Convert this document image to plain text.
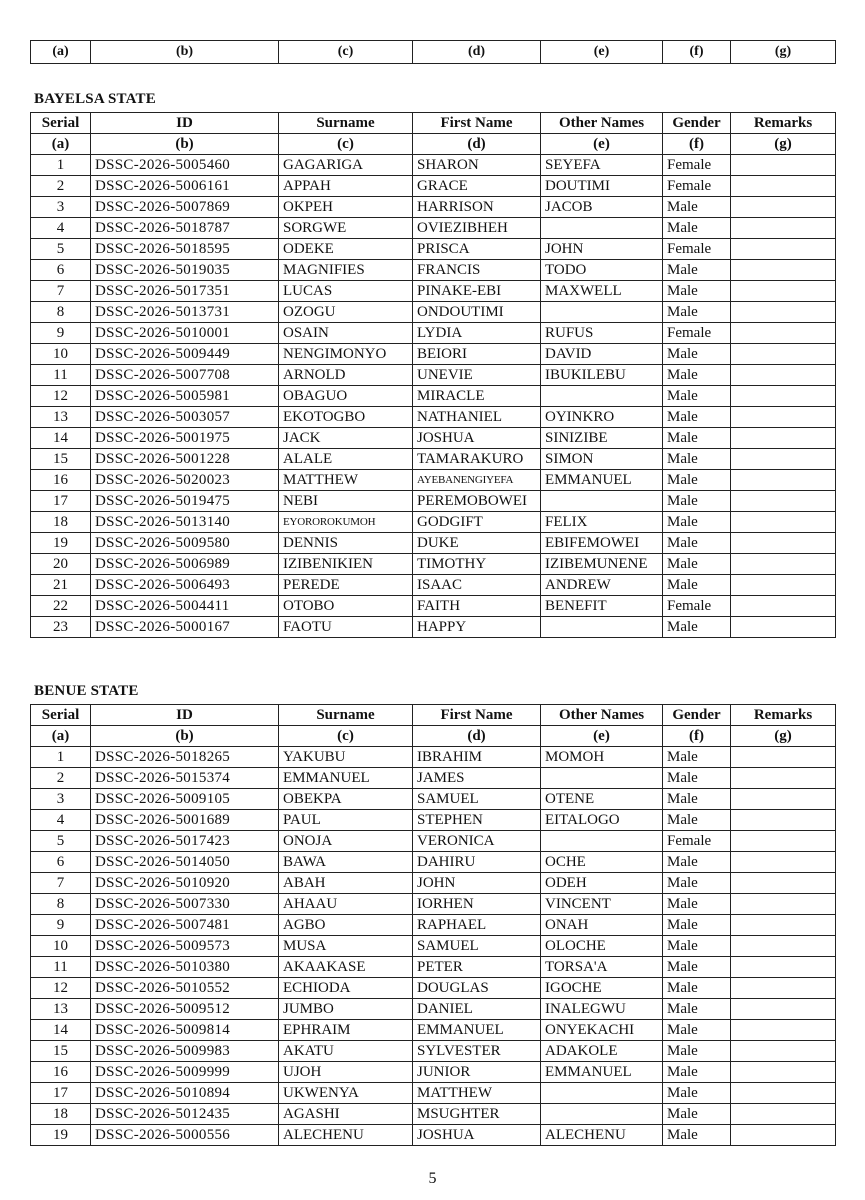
(a)	(b)	(c)	(d)	(e)	(f)	(g)
BAYELSA STATE
Serial	ID	Surname	First Name	Other Names	Gender	Remarks
(a)	(b)	(c)	(d)	(e)	(f)	(g)
1	DSSC-2026-5005460	GAGARIGA	SHARON	SEYEFA	Female	
2	DSSC-2026-5006161	APPAH	GRACE	DOUTIMI	Female	
3	DSSC-2026-5007869	OKPEH	HARRISON	JACOB	Male	
4	DSSC-2026-5018787	SORGWE	OVIEZIBHEH		Male	
5	DSSC-2026-5018595	ODEKE	PRISCA	JOHN	Female	
6	DSSC-2026-5019035	MAGNIFIES	FRANCIS	TODO	Male	
7	DSSC-2026-5017351	LUCAS	PINAKE-EBI	MAXWELL	Male	
8	DSSC-2026-5013731	OZOGU	ONDOUTIMI		Male	
9	DSSC-2026-5010001	OSAIN	LYDIA	RUFUS	Female	
10	DSSC-2026-5009449	NENGIMONYO	BEIORI	DAVID	Male	
11	DSSC-2026-5007708	ARNOLD	UNEVIE	IBUKILEBU	Male	
12	DSSC-2026-5005981	OBAGUO	MIRACLE		Male	
13	DSSC-2026-5003057	EKOTOGBO	NATHANIEL	OYINKRO	Male	
14	DSSC-2026-5001975	JACK	JOSHUA	SINIZIBE	Male	
15	DSSC-2026-5001228	ALALE	TAMARAKURO	SIMON	Male	
16	DSSC-2026-5020023	MATTHEW	AYEBANENGIYEFA	EMMANUEL	Male	
17	DSSC-2026-5019475	NEBI	PEREMOBOWEI		Male	
18	DSSC-2026-5013140	EYOROROKUMOH	GODGIFT	FELIX	Male	
19	DSSC-2026-5009580	DENNIS	DUKE	EBIFEMOWEI	Male	
20	DSSC-2026-5006989	IZIBENIKIEN	TIMOTHY	IZIBEMUNENE	Male	
21	DSSC-2026-5006493	PEREDE	ISAAC	ANDREW	Male	
22	DSSC-2026-5004411	OTOBO	FAITH	BENEFIT	Female	
23	DSSC-2026-5000167	FAOTU	HAPPY		Male	
BENUE STATE
Serial	ID	Surname	First Name	Other Names	Gender	Remarks
(a)	(b)	(c)	(d)	(e)	(f)	(g)
1	DSSC-2026-5018265	YAKUBU	IBRAHIM	MOMOH	Male	
2	DSSC-2026-5015374	EMMANUEL	JAMES		Male	
3	DSSC-2026-5009105	OBEKPA	SAMUEL	OTENE	Male	
4	DSSC-2026-5001689	PAUL	STEPHEN	EITALOGO	Male	
5	DSSC-2026-5017423	ONOJA	VERONICA		Female	
6	DSSC-2026-5014050	BAWA	DAHIRU	OCHE	Male	
7	DSSC-2026-5010920	ABAH	JOHN	ODEH	Male	
8	DSSC-2026-5007330	AHAAU	IORHEN	VINCENT	Male	
9	DSSC-2026-5007481	AGBO	RAPHAEL	ONAH	Male	
10	DSSC-2026-5009573	MUSA	SAMUEL	OLOCHE	Male	
11	DSSC-2026-5010380	AKAAKASE	PETER	TORSA'A	Male	
12	DSSC-2026-5010552	ECHIODA	DOUGLAS	IGOCHE	Male	
13	DSSC-2026-5009512	JUMBO	DANIEL	INALEGWU	Male	
14	DSSC-2026-5009814	EPHRAIM	EMMANUEL	ONYEKACHI	Male	
15	DSSC-2026-5009983	AKATU	SYLVESTER	ADAKOLE	Male	
16	DSSC-2026-5009999	UJOH	JUNIOR	EMMANUEL	Male	
17	DSSC-2026-5010894	UKWENYA	MATTHEW		Male	
18	DSSC-2026-5012435	AGASHI	MSUGHTER		Male	
19	DSSC-2026-5000556	ALECHENU	JOSHUA	ALECHENU	Male	
5
